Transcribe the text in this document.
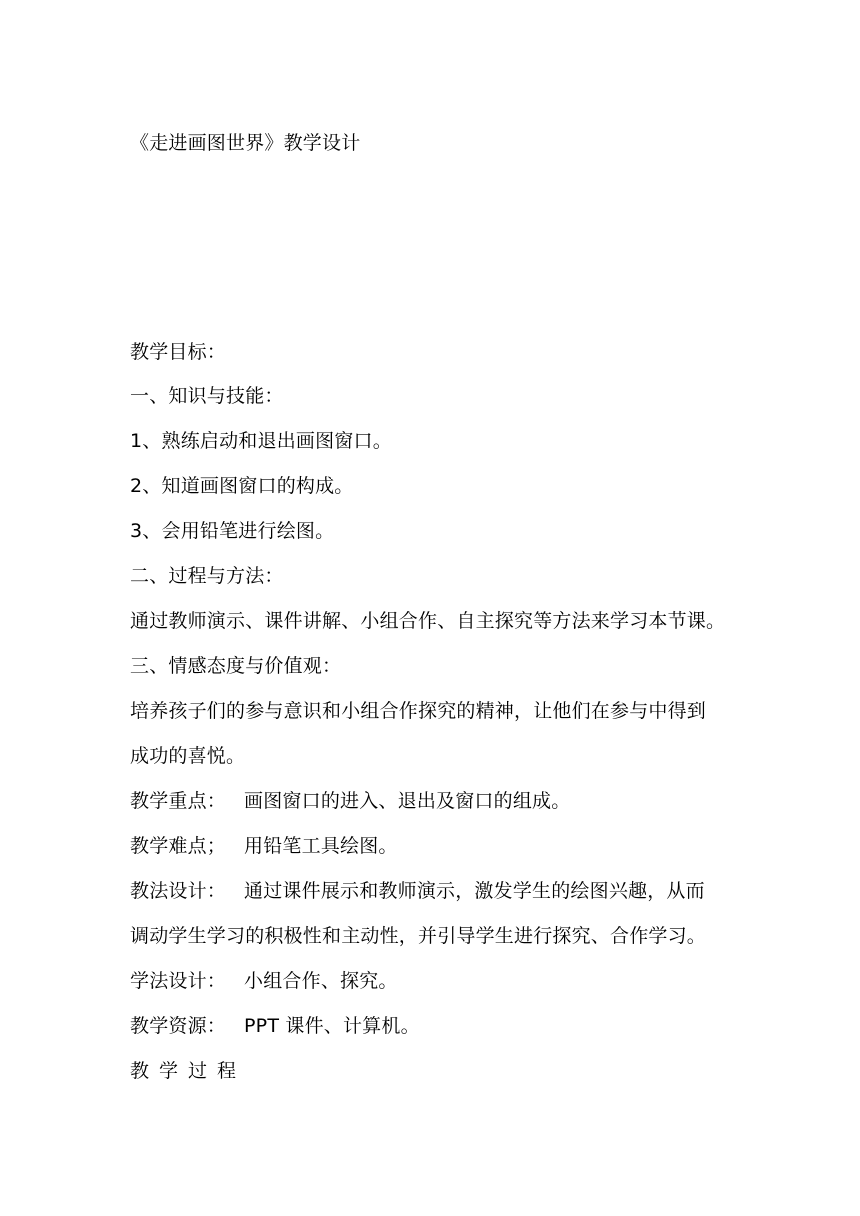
《走进画图世界》教学设计
教学目标：
一、知识与技能：
1、熟练启动和退出画图窗口。
2、知道画图窗口的构成。
3、会用铅笔进行绘图。
二、过程与方法：
通过教师演示、课件讲解、小组合作、自主探究等方法来学习本节课。
三、情感态度与价值观：
培养孩子们的参与意识和小组合作探究的精神，让他们在参与中得到
成功的喜悦。
教学重点： 画图窗口的进入、退出及窗口的组成。
教学难点； 用铅笔工具绘图。
教法设计： 通过课件展示和教师演示，激发学生的绘图兴趣，从而
调动学生学习的积极性和主动性，并引导学生进行探究、合作学习。
学法设计： 小组合作、探究。
教学资源： PPT 课件、计算机。
教学过程
